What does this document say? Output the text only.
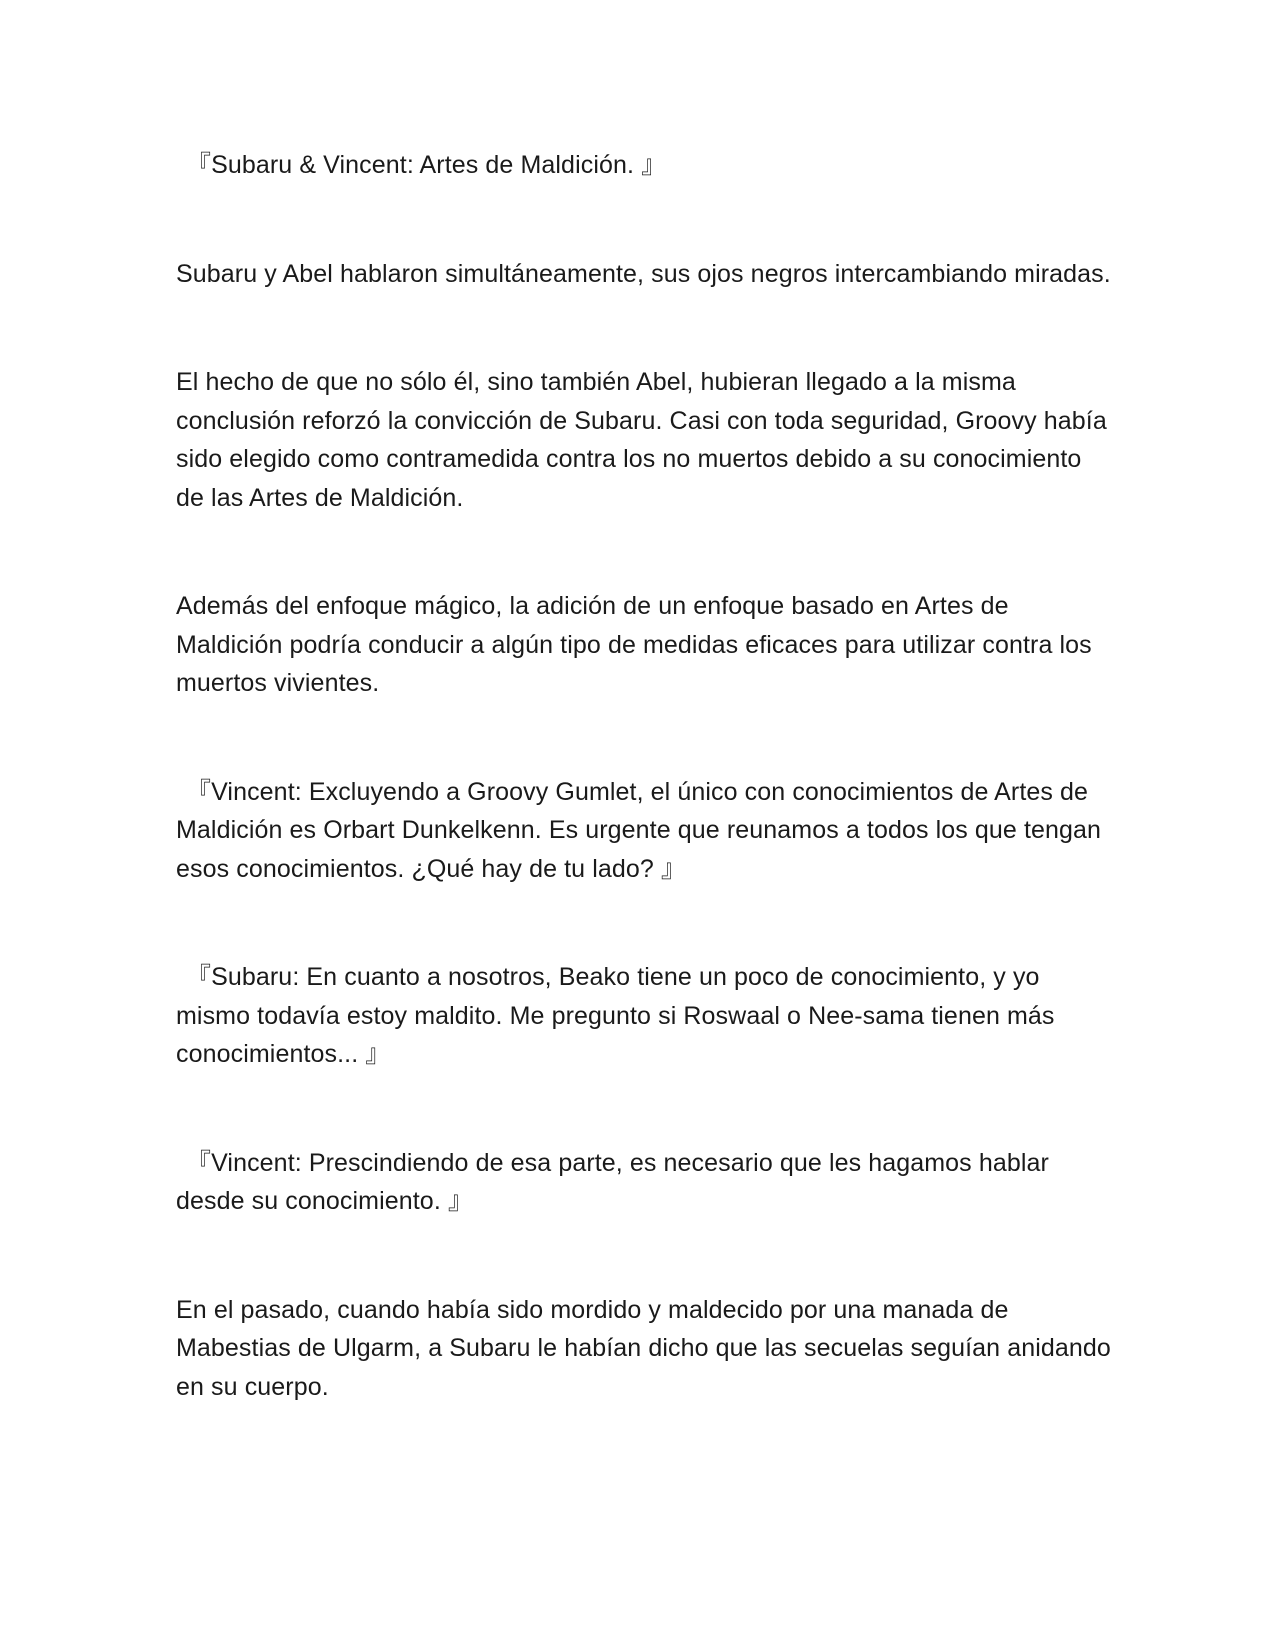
『Subaru & Vincent: Artes de Maldición. 』

Subaru y Abel hablaron simultáneamente, sus ojos negros intercambiando miradas.

El hecho de que no sólo él, sino también Abel, hubieran llegado a la misma conclusión reforzó la convicción de Subaru. Casi con toda seguridad, Groovy había sido elegido como contramedida contra los no muertos debido a su conocimiento de las Artes de Maldición.

Además del enfoque mágico, la adición de un enfoque basado en Artes de Maldición podría conducir a algún tipo de medidas eficaces para utilizar contra los muertos vivientes.

『Vincent: Excluyendo a Groovy Gumlet, el único con conocimientos de Artes de Maldición es Orbart Dunkelkenn. Es urgente que reunamos a todos los que tengan esos conocimientos. ¿Qué hay de tu lado? 』

『Subaru: En cuanto a nosotros, Beako tiene un poco de conocimiento, y yo mismo todavía estoy maldito. Me pregunto si Roswaal o Nee-sama tienen más conocimientos... 』

『Vincent: Prescindiendo de esa parte, es necesario que les hagamos hablar desde su conocimiento. 』

En el pasado, cuando había sido mordido y maldecido por una manada de Mabestias de Ulgarm, a Subaru le habían dicho que las secuelas seguían anidando en su cuerpo.
